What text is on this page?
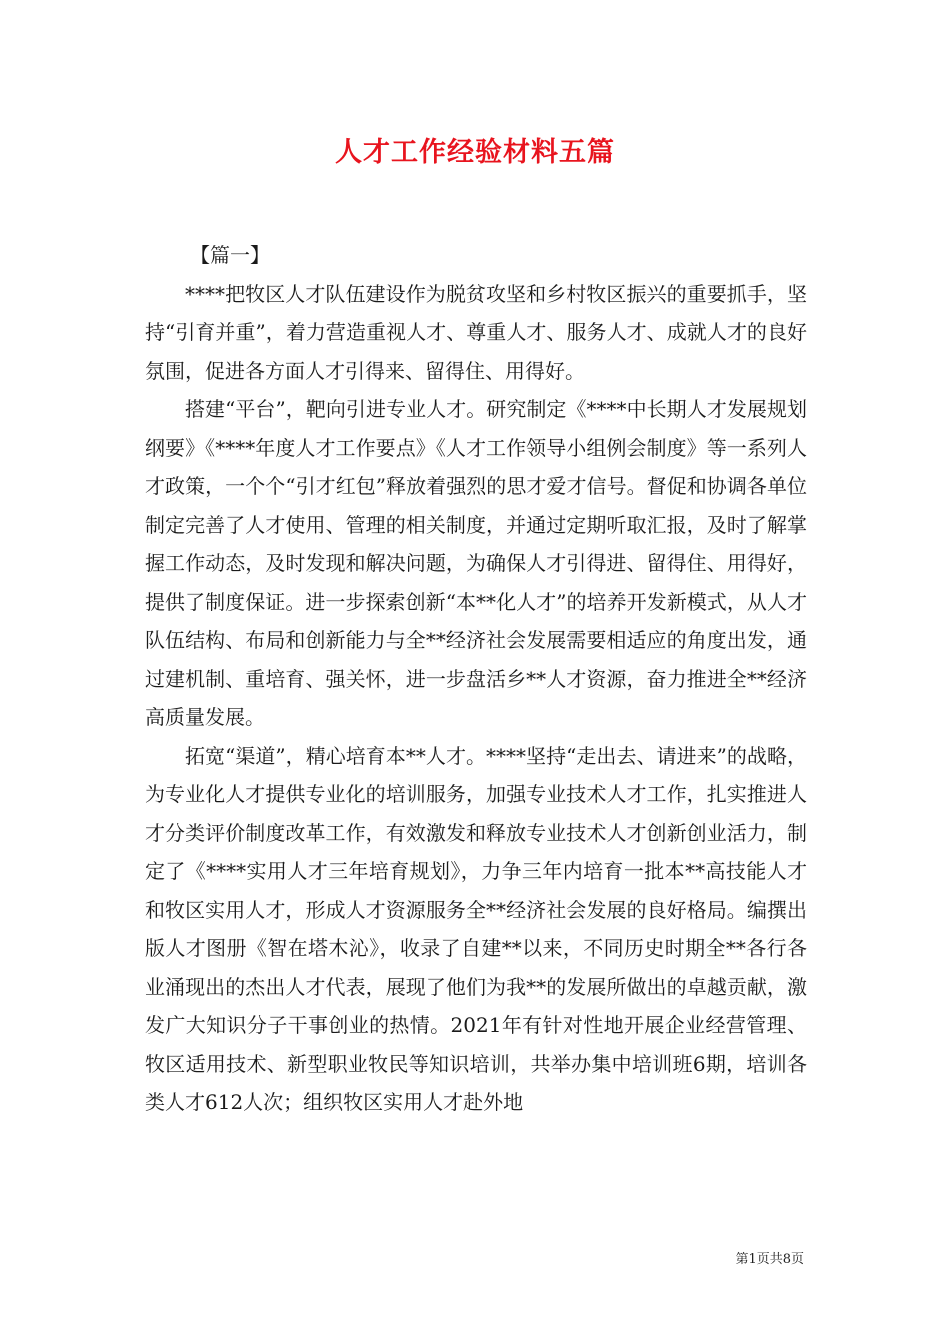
人才工作经验材料五篇

【篇一】

****把牧区人才队伍建设作为脱贫攻坚和乡村牧区振兴的重要抓手，坚持“引育并重”，着力营造重视人才、尊重人才、服务人才、成就人才的良好氛围，促进各方面人才引得来、留得住、用得好。

搭建“平台”，靶向引进专业人才。研究制定《****中长期人才发展规划纲要》《****年度人才工作要点》《人才工作领导小组例会制度》等一系列人才政策，一个个“引才红包”释放着强烈的思才爱才信号。督促和协调各单位制定完善了人才使用、管理的相关制度，并通过定期听取汇报，及时了解掌握工作动态，及时发现和解决问题，为确保人才引得进、留得住、用得好，提供了制度保证。进一步探索创新“本**化人才”的培养开发新模式，从人才队伍结构、布局和创新能力与全**经济社会发展需要相适应的角度出发，通过建机制、重培育、强关怀，进一步盘活乡**人才资源，奋力推进全**经济高质量发展。

拓宽“渠道”，精心培育本**人才。****坚持“走出去、请进来”的战略，为专业化人才提供专业化的培训服务，加强专业技术人才工作，扎实推进人才分类评价制度改革工作，有效激发和释放专业技术人才创新创业活力，制定了《****实用人才三年培育规划》，力争三年内培育一批本**高技能人才和牧区实用人才，形成人才资源服务全**经济社会发展的良好格局。编撰出版人才图册《智在塔木沁》，收录了自建**以来，不同历史时期全**各行各业涌现出的杰出人才代表，展现了他们为我**的发展所做出的卓越贡献，激发广大知识分子干事创业的热情。2021年有针对性地开展企业经营管理、牧区适用技术、新型职业牧民等知识培训，共举办集中培训班6期，培训各类人才612人次；组织牧区实用人才赴外地

第1页共8页
